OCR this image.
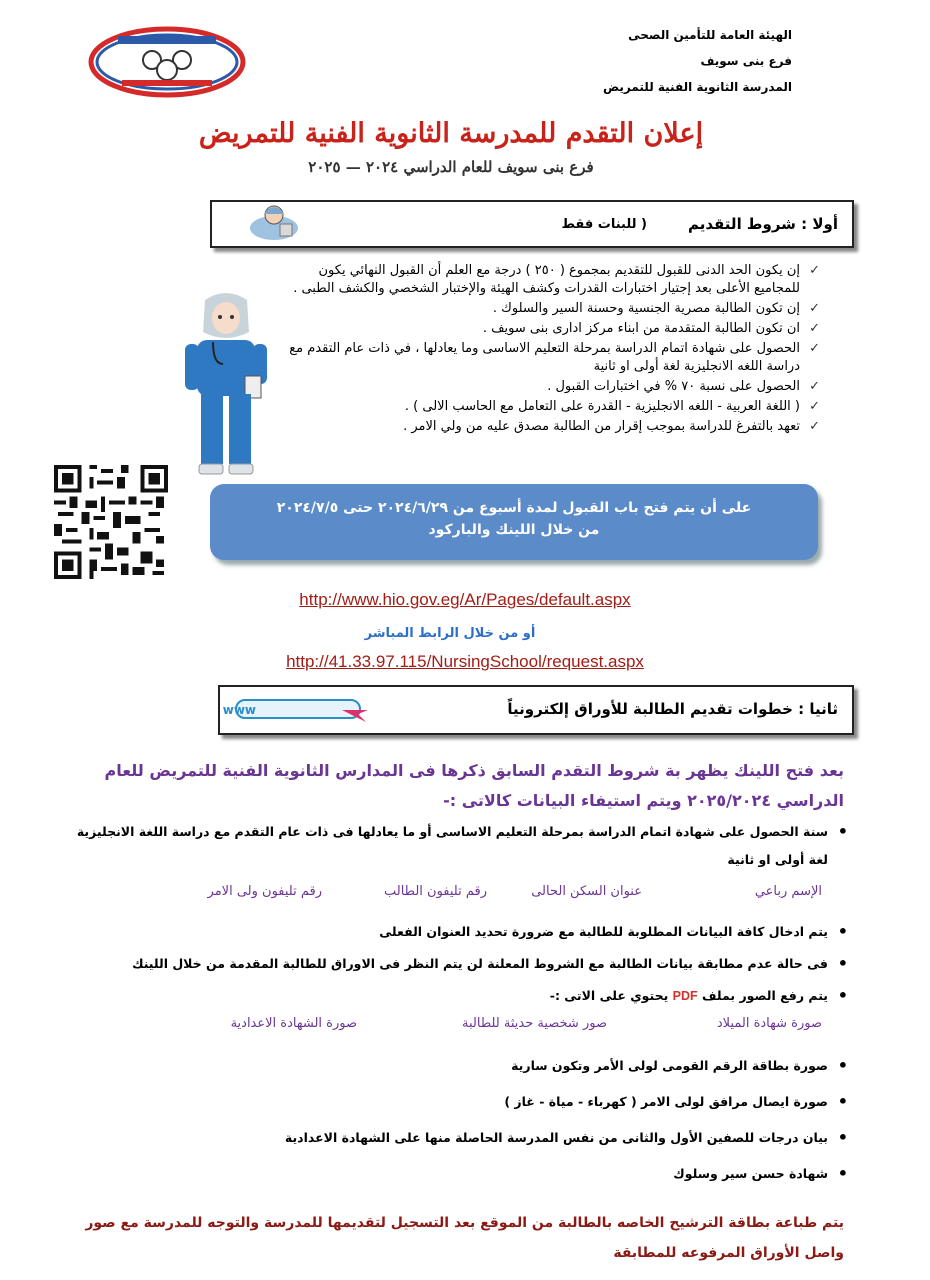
الهيئة العامة للتأمين الصحى
فرع بنى سويف
المدرسة الثانوية الفنية للتمريض
إعلان التقدم للمدرسة الثانوية الفنية للتمريض
فرع بنى سويف للعام الدراسي ٢٠٢٤ — ٢٠٢٥
أولا : شروط التقديم
( للبنات فقط
✓
إن يكون الحد الدنى للقبول للتقديم بمجموع ( ٢٥٠ ) درجة مع العلم أن القبول النهائي يكون للمجاميع الأعلى بعد إجتيار اختبارات القدرات وكشف الهيئة والإختبار الشخصي والكشف الطبى .
✓
إن تكون الطالبة مصرية الجنسية وحسنة السير والسلوك .
✓
ان تكون الطالبة المتقدمة من ابناء مركز ادارى بنى سويف .
✓
الحصول على شهادة اتمام الدراسة بمرحلة التعليم الاساسى وما يعادلها ، في ذات عام التقدم مع دراسة اللغه الانجليزية لغة أولى او ثانية
✓
الحصول على نسبة ٧٠ % في اختبارات القبول .
✓
( اللغة العربية - اللغه الانجليزية - القدرة على التعامل مع الحاسب الالى ) .
✓
تعهد بالتفرغ للدراسة بموجب إقرار من الطالبة مصدق عليه من ولي الامر .
على أن يتم فتح باب القبول لمدة أسبوع من ٢٠٢٤/٦/٢٩ حتى ٢٠٢٤/٧/٥
من خلال اللينك والباركود
http://www.hio.gov.eg/Ar/Pages/default.aspx
أو من خلال الرابط المباشر
http://41.33.97.115/NursingSchool/request.aspx
ثانيا : خطوات تقديم الطالبة للأوراق إلكترونياً
www
بعد فتح اللينك يظهر بة شروط التقدم السابق ذكرها فى المدارس الثانوية الفنية للتمريض للعام
الدراسي ٢٠٢٥/٢٠٢٤ ويتم استيفاء البيانات كالاتى :-
• سنة الحصول على شهادة اتمام الدراسة بمرحلة التعليم الاساسى أو ما يعادلها فى ذات عام التقدم مع دراسة اللغة الانجليزية لغة أولى او ثانية
الإسم رباعي
عنوان السكن الحالى
رقم تليفون الطالب
رقم تليفون ولى الامر
• يتم ادخال كافة البيانات المطلوبة للطالبة مع ضرورة تحديد العنوان الفعلى
• فى حالة عدم مطابقة بيانات الطالبة مع الشروط المعلنة لن يتم النظر فى الاوراق للطالبة المقدمة من خلال اللينك
• يتم رفع الصور بملف PDF يحتوي على الاتى :-
صورة شهادة الميلاد
صور شخصية حديثة للطالبة
صورة الشهادة الاعدادية
• صورة بطاقة الرقم القومى لولى الأمر وتكون سارية
• صورة ايصال مرافق لولى الامر ( كهرباء - مياة - غاز )
• بيان درجات للصفين الأول والثانى من نفس المدرسة الحاصلة منها على الشهادة الاعدادية
• شهادة حسن سير وسلوك
يتم طباعة بطاقة الترشيح الخاصه بالطالبة من الموقع بعد التسجيل لتقديمها للمدرسة والتوجه للمدرسة مع صور
واصل الأوراق المرفوعه للمطابقة
